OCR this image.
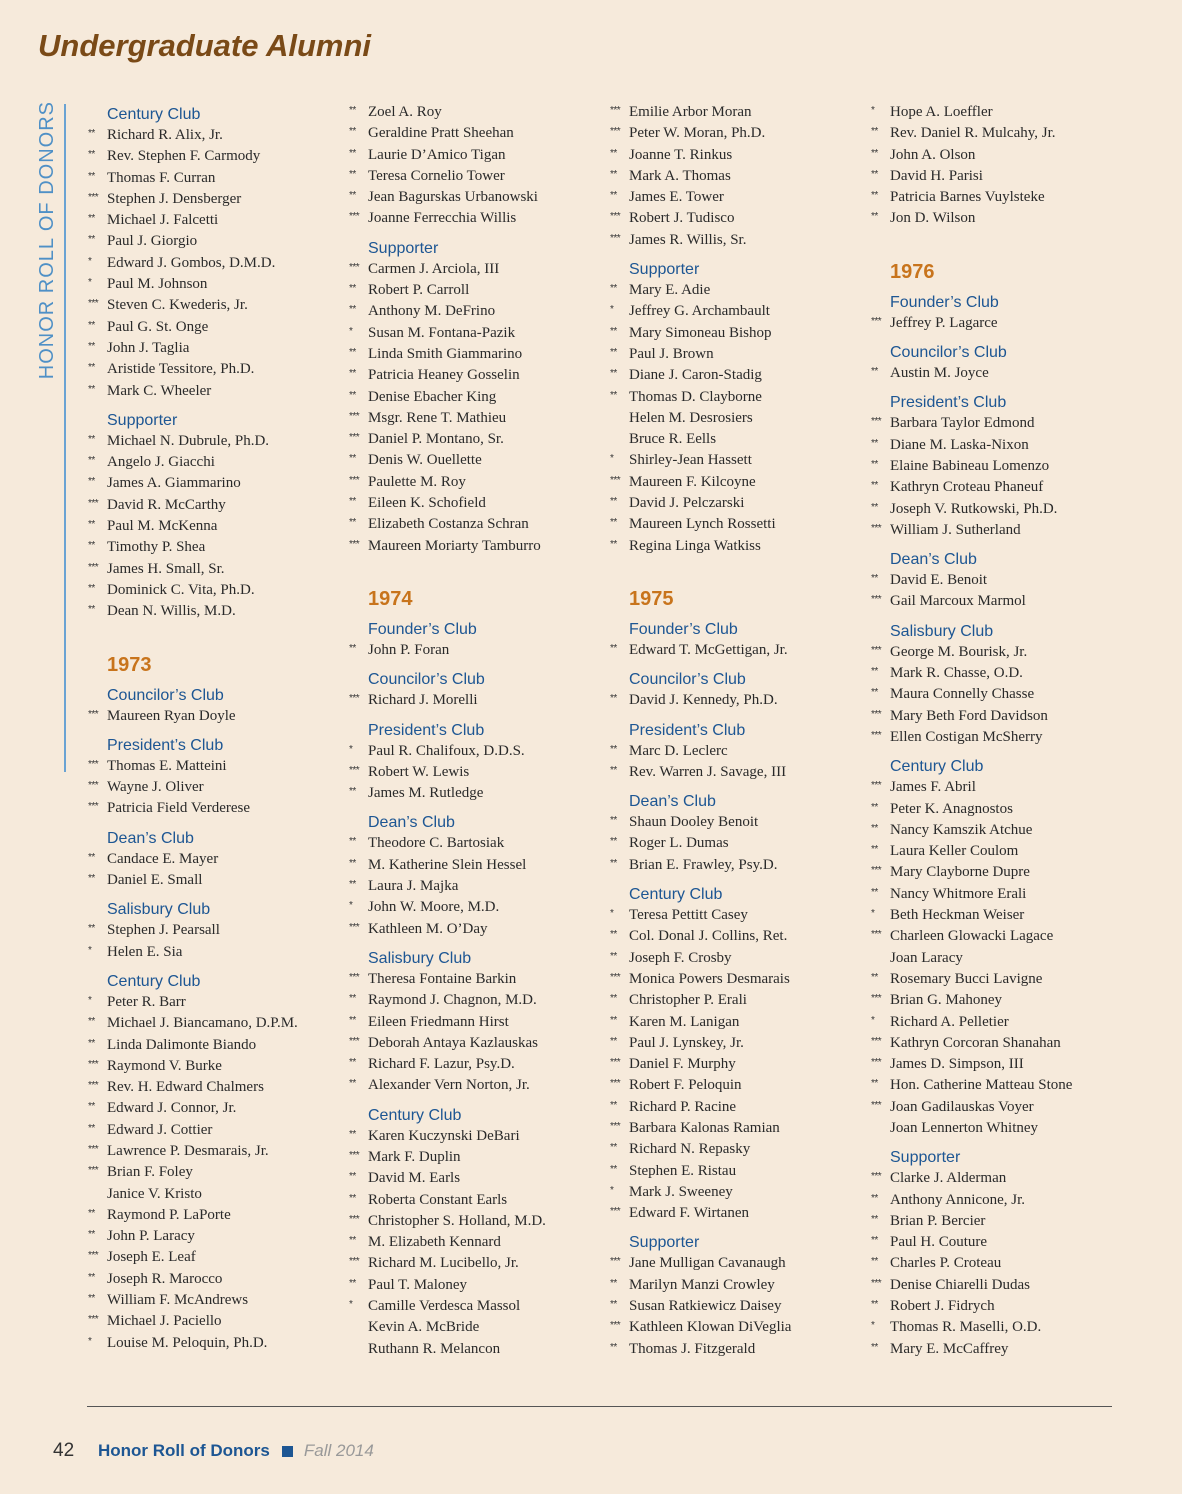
Undergraduate Alumni
HONOR ROLL OF DONORS	Century Club
** Richard R. Alix, Jr.
** Rev. Stephen F. Carmody
** Thomas F. Curran
*** Stephen J. Densberger
** Michael J. Falcetti
** Paul J. Giorgio
*	Edward J. Gombos, D.M.D.
*	Paul M. Johnson
*** Steven C. Kwederis, Jr.
** Paul G. St. Onge
** John J. Taglia
** Aristide Tessitore, Ph.D.
** Mark C. Wheeler
Supporter
** Michael N. Dubrule, Ph.D.
** Angelo J. Giacchi
** James A. Giammarino
*** David R. McCarthy
** Paul M. McKenna
** Timothy P. Shea
*** James H. Small, Sr.
** Dominick C. Vita, Ph.D.
** Dean N. Willis, M.D.
1973
Councilor’s Club
*** Maureen Ryan Doyle
President’s Club
*** Thomas E. Matteini
*** Wayne J. Oliver
*** Patricia Field Verderese
Dean’s Club
** Candace E. Mayer
** Daniel E. Small
Salisbury Club
** Stephen J. Pearsall
*	Helen E. Sia
Century Club
*	Peter R. Barr
** Michael J. Biancamano, D.P.M.
** Linda Dalimonte Biando
*** Raymond V. Burke
*** Rev. H. Edward Chalmers
** Edward J. Connor, Jr.
** Edward J. Cottier
*** Lawrence P. Desmarais, Jr.
*** Brian F. Foley
Janice V. Kristo
** Raymond P. LaPorte
** John P. Laracy
*** Joseph E. Leaf
** Joseph R. Marocco
** William F. McAndrews
*** Michael J. Paciello
*	Louise M. Peloquin, Ph.D.
** Zoel A. Roy
** Geraldine Pratt Sheehan
** Laurie D’Amico Tigan
** Teresa Cornelio Tower
** Jean Bagurskas Urbanowski
*** Joanne Ferrecchia Willis
Supporter
*** Carmen J. Arciola, III
** Robert P. Carroll
** Anthony M. DeFrino
*	Susan M. Fontana-Pazik
** Linda Smith Giammarino
** Patricia Heaney Gosselin
** Denise Ebacher King
*** Msgr. Rene T. Mathieu
*** Daniel P. Montano, Sr.
** Denis W. Ouellette
*** Paulette M. Roy
** Eileen K. Schofield
** Elizabeth Costanza Schran
*** Maureen Moriarty Tamburro
1974
Founder’s Club
** John P. Foran
Councilor’s Club
*** Richard J. Morelli
President’s Club
*	Paul R. Chalifoux, D.D.S.
*** Robert W. Lewis
** James M. Rutledge
Dean’s Club
** Theodore C. Bartosiak
** M. Katherine Slein Hessel
** Laura J. Majka
*	John W. Moore, M.D.
*** Kathleen M. O’Day
Salisbury Club
*** Theresa Fontaine Barkin
** Raymond J. Chagnon, M.D.
** Eileen Friedmann Hirst
*** Deborah Antaya Kazlauskas
** Richard F. Lazur, Psy.D.
** Alexander Vern Norton, Jr.
Century Club
** Karen Kuczynski DeBari
*** Mark F. Duplin
** David M. Earls
** Roberta Constant Earls
*** Christopher S. Holland, M.D.
** M. Elizabeth Kennard
*** Richard M. Lucibello, Jr.
** Paul T. Maloney
*	Camille Verdesca Massol
Kevin A. McBride
Ruthann R. Melancon
*** Emilie Arbor Moran
*** Peter W. Moran, Ph.D.
** Joanne T. Rinkus
** Mark A. Thomas
** James E. Tower
*** Robert J. Tudisco
*** James R. Willis, Sr.
Supporter
** Mary E. Adie
*	Jeffrey G. Archambault
** Mary Simoneau Bishop
** Paul J. Brown
** Diane J. Caron-Stadig
** Thomas D. Clayborne
Helen M. Desrosiers
Bruce R. Eells
*	Shirley-Jean Hassett
*** Maureen F. Kilcoyne
** David J. Pelczarski
** Maureen Lynch Rossetti
** Regina Linga Watkiss
1975
Founder’s Club
** Edward T. McGettigan, Jr.
Councilor’s Club
** David J. Kennedy, Ph.D.
President’s Club
** Marc D. Leclerc
** Rev. Warren J. Savage, III
Dean’s Club
** Shaun Dooley Benoit
** Roger L. Dumas
** Brian E. Frawley, Psy.D.
Century Club
*	Teresa Pettitt Casey
** Col. Donal J. Collins, Ret.
** Joseph F. Crosby
*** Monica Powers Desmarais
** Christopher P. Erali
** Karen M. Lanigan
** Paul J. Lynskey, Jr.
*** Daniel F. Murphy
*** Robert F. Peloquin
** Richard P. Racine
*** Barbara Kalonas Ramian
** Richard N. Repasky
** Stephen E. Ristau
*	Mark J. Sweeney
*** Edward F. Wirtanen
Supporter
*** Jane Mulligan Cavanaugh
** Marilyn Manzi Crowley
** Susan Ratkiewicz Daisey
*** Kathleen Klowan DiVeglia
** Thomas J. Fitzgerald
*	Hope A. Loeffler
** Rev. Daniel R. Mulcahy, Jr.
** John A. Olson
** David H. Parisi
** Patricia Barnes Vuylsteke
** Jon D. Wilson
1976
Founder’s Club
*** Jeffrey P. Lagarce
Councilor’s Club
** Austin M. Joyce
President’s Club
*** Barbara Taylor Edmond
** Diane M. Laska-Nixon
** Elaine Babineau Lomenzo
** Kathryn Croteau Phaneuf
** Joseph V. Rutkowski, Ph.D.
*** William J. Sutherland
Dean’s Club
** David E. Benoit
*** Gail Marcoux Marmol
Salisbury Club
*** George M. Bourisk, Jr.
** Mark R. Chasse, O.D.
** Maura Connelly Chasse
*** Mary Beth Ford Davidson
*** Ellen Costigan McSherry
Century Club
*** James F. Abril
** Peter K. Anagnostos
** Nancy Kamszik Atchue
** Laura Keller Coulom
*** Mary Clayborne Dupre
** Nancy Whitmore Erali
*	Beth Heckman Weiser
*** Charleen Glowacki Lagace
Joan Laracy
** Rosemary Bucci Lavigne
*** Brian G. Mahoney
*	Richard A. Pelletier
*** Kathryn Corcoran Shanahan
*** James D. Simpson, III
** Hon. Catherine Matteau Stone
*** Joan Gadilauskas Voyer
Joan Lennerton Whitney
Supporter
*** Clarke J. Alderman
** Anthony Annicone, Jr.
** Brian P. Bercier
** Paul H. Couture
** Charles P. Croteau
*** Denise Chiarelli Dudas
** Robert J. Fidrych
*	Thomas R. Maselli, O.D.
** Mary E. McCaffrey
42	Honor Roll of Donors Fall 2014
